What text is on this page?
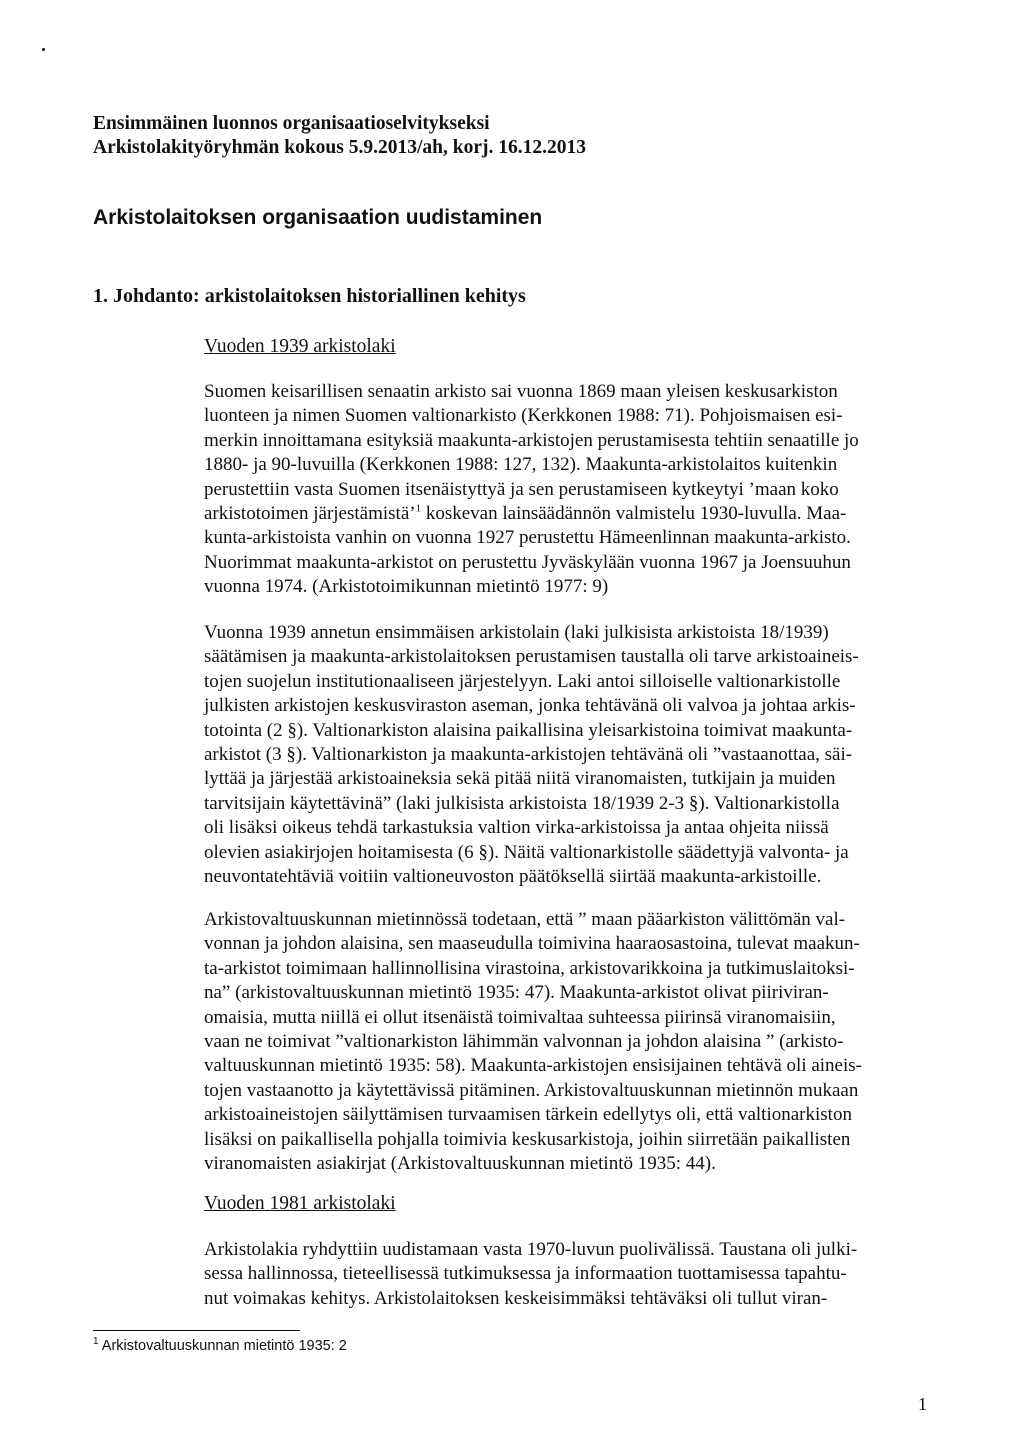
Ensimmäinen luonnos organisaatioselvitykseksi
Arkistolakityöryhmän kokous 5.9.2013/ah, korj. 16.12.2013
Arkistolaitoksen organisaation uudistaminen
1. Johdanto: arkistolaitoksen historiallinen kehitys
Vuoden 1939 arkistolaki
Suomen keisarillisen senaatin arkisto sai vuonna 1869 maan yleisen keskusarkiston
luonteen ja nimen Suomen valtionarkisto (Kerkkonen 1988: 71). Pohjoismaisen esi-
merkin innoittamana esityksiä maakunta-arkistojen perustamisesta tehtiin senaatille jo
1880- ja 90-luvuilla (Kerkkonen 1988: 127, 132). Maakunta-arkistolaitos kuitenkin
perustettiin vasta Suomen itsenäistyttyä ja sen perustamiseen kytkeytyi ’maan koko
arkistotoimen järjestämistä’$^1$ koskevan lainsäädännön valmistelu 1930-luvulla. Maa-
kunta-arkistoista vanhin on vuonna 1927 perustettu Hämeenlinnan maakunta-arkisto.
Nuorimmat maakunta-arkistot on perustettu Jyväskylään vuonna 1967 ja Joensuuhun
vuonna 1974. (Arkistotoimikunnan mietintö 1977: 9)
Vuonna 1939 annetun ensimmäisen arkistolain (laki julkisista arkistoista 18/1939)
säätämisen ja maakunta-arkistolaitoksen perustamisen taustalla oli tarve arkistoaineis-
tojen suojelun institutionaaliseen järjestelyyn. Laki antoi silloiselle valtionarkistolle
julkisten arkistojen keskusviraston aseman, jonka tehtävänä oli valvoa ja johtaa arkis-
totointa (2 §). Valtionarkiston alaisina paikallisina yleisarkistoina toimivat maakunta-
arkistot (3 §). Valtionarkiston ja maakunta-arkistojen tehtävänä oli ”vastaanottaa, säi-
lyttää ja järjestää arkistoaineksia sekä pitää niitä viranomaisten, tutkijain ja muiden
tarvitsijain käytettävinä” (laki julkisista arkistoista 18/1939 2-3 §). Valtionarkistolla
oli lisäksi oikeus tehdä tarkastuksia valtion virka-arkistoissa ja antaa ohjeita niissä
olevien asiakirjojen hoitamisesta (6 §). Näitä valtionarkistolle säädettyjä valvonta- ja
neuvontatehtäviä voitiin valtioneuvoston päätöksellä siirtää maakunta-arkistoille.
Arkistovaltuuskunnan mietinnössä todetaan, että ” maan pääarkiston välittömän val-
vonnan ja johdon alaisina, sen maaseudulla toimivina haaraosastoina, tulevat maakun-
ta-arkistot toimimaan hallinnollisina virastoina, arkistovarikkoina ja tutkimuslaitoksi-
na” (arkistovaltuuskunnan mietintö 1935: 47). Maakunta-arkistot olivat piiriviran-
omaisia, mutta niillä ei ollut itsenäistä toimivaltaa suhteessa piirinsä viranomaisiin,
vaan ne toimivat ”valtionarkiston lähimmän valvonnan ja johdon alaisina ” (arkisto-
valtuuskunnan mietintö 1935: 58). Maakunta-arkistojen ensisijainen tehtävä oli aineis-
tojen vastaanotto ja käytettävissä pitäminen. Arkistovaltuuskunnan mietinnön mukaan
arkistoaineistojen säilyttämisen turvaamisen tärkein edellytys oli, että valtionarkiston
lisäksi on paikallisella pohjalla toimivia keskusarkistoja, joihin siirretään paikallisten
viranomaisten asiakirjat (Arkistovaltuuskunnan mietintö 1935: 44).
Vuoden 1981 arkistolaki
Arkistolakia ryhdyttiin uudistamaan vasta 1970-luvun puolivälissä. Taustana oli julki-
sessa hallinnossa, tieteellisessä tutkimuksessa ja informaation tuottamisessa tapahtu-
nut voimakas kehitys. Arkistolaitoksen keskeisimmäksi tehtäväksi oli tullut viran-
$^1$ Arkistovaltuuskunnan mietintö 1935: 2
1
